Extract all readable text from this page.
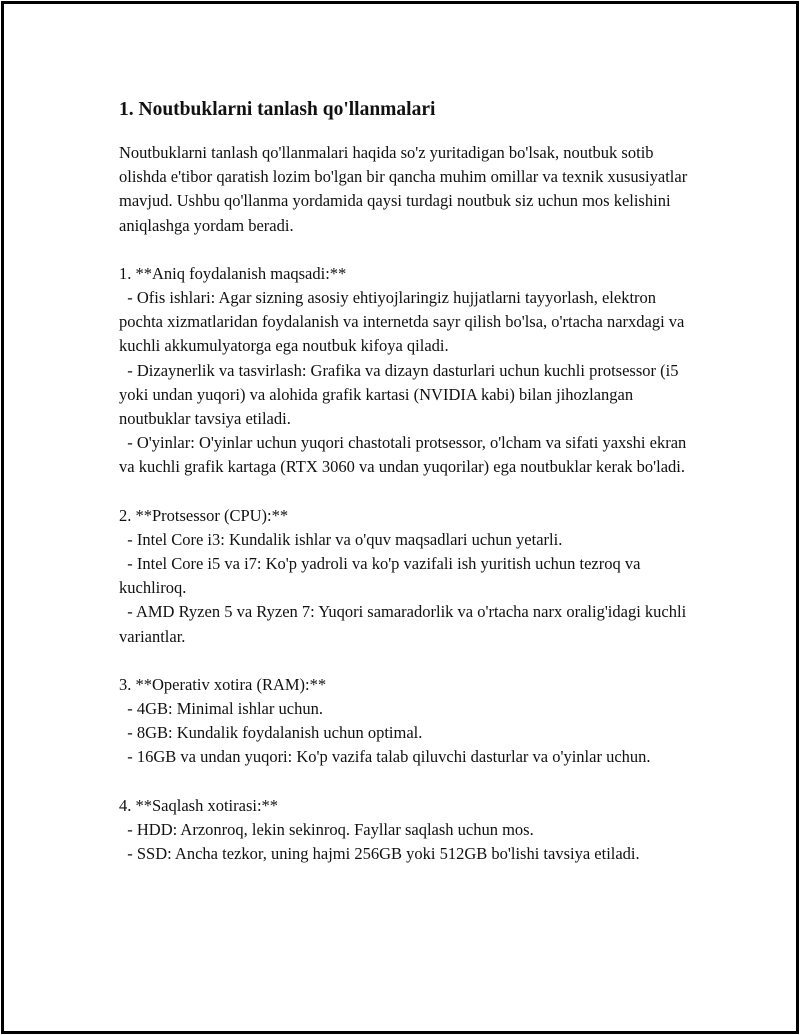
1. Noutbuklarni tanlash qo'llanmalari

Noutbuklarni tanlash qo'llanmalari haqida so'z yuritadigan bo'lsak, noutbuk sotib olishda e'tibor qaratish lozim bo'lgan bir qancha muhim omillar va texnik xususiyatlar mavjud. Ushbu qo'llanma yordamida qaysi turdagi noutbuk siz uchun mos kelishini aniqlashga yordam beradi.

1. **Aniq foydalanish maqsadi:**
- Ofis ishlari: Agar sizning asosiy ehtiyojlaringiz hujjatlarni tayyorlash, elektron pochta xizmatlaridan foydalanish va internetda sayr qilish bo'lsa, o'rtacha narxdagi va kuchli akkumulyatorga ega noutbuk kifoya qiladi.
- Dizaynerlik va tasvirlash: Grafika va dizayn dasturlari uchun kuchli protsessor (i5 yoki undan yuqori) va alohida grafik kartasi (NVIDIA kabi) bilan jihozlangan noutbuklar tavsiya etiladi.
- O'yinlar: O'yinlar uchun yuqori chastotali protsessor, o'lcham va sifati yaxshi ekran va kuchli grafik kartaga (RTX 3060 va undan yuqorilar) ega noutbuklar kerak bo'ladi.
2. **Protsessor (CPU):**
- Intel Core i3: Kundalik ishlar va o'quv maqsadlari uchun yetarli.
- Intel Core i5 va i7: Ko'p yadroli va ko'p vazifali ish yuritish uchun tezroq va kuchliroq.
- AMD Ryzen 5 va Ryzen 7: Yuqori samaradorlik va o'rtacha narx oralig'idagi kuchli variantlar.
3. **Operativ xotira (RAM):**
- 4GB: Minimal ishlar uchun.
- 8GB: Kundalik foydalanish uchun optimal.
- 16GB va undan yuqori: Ko'p vazifa talab qiluvchi dasturlar va o'yinlar uchun.
4. **Saqlash xotirasi:**
- HDD: Arzonroq, lekin sekinroq. Fayllar saqlash uchun mos.
- SSD: Ancha tezkor, uning hajmi 256GB yoki 512GB bo'lishi tavsiya etiladi.
